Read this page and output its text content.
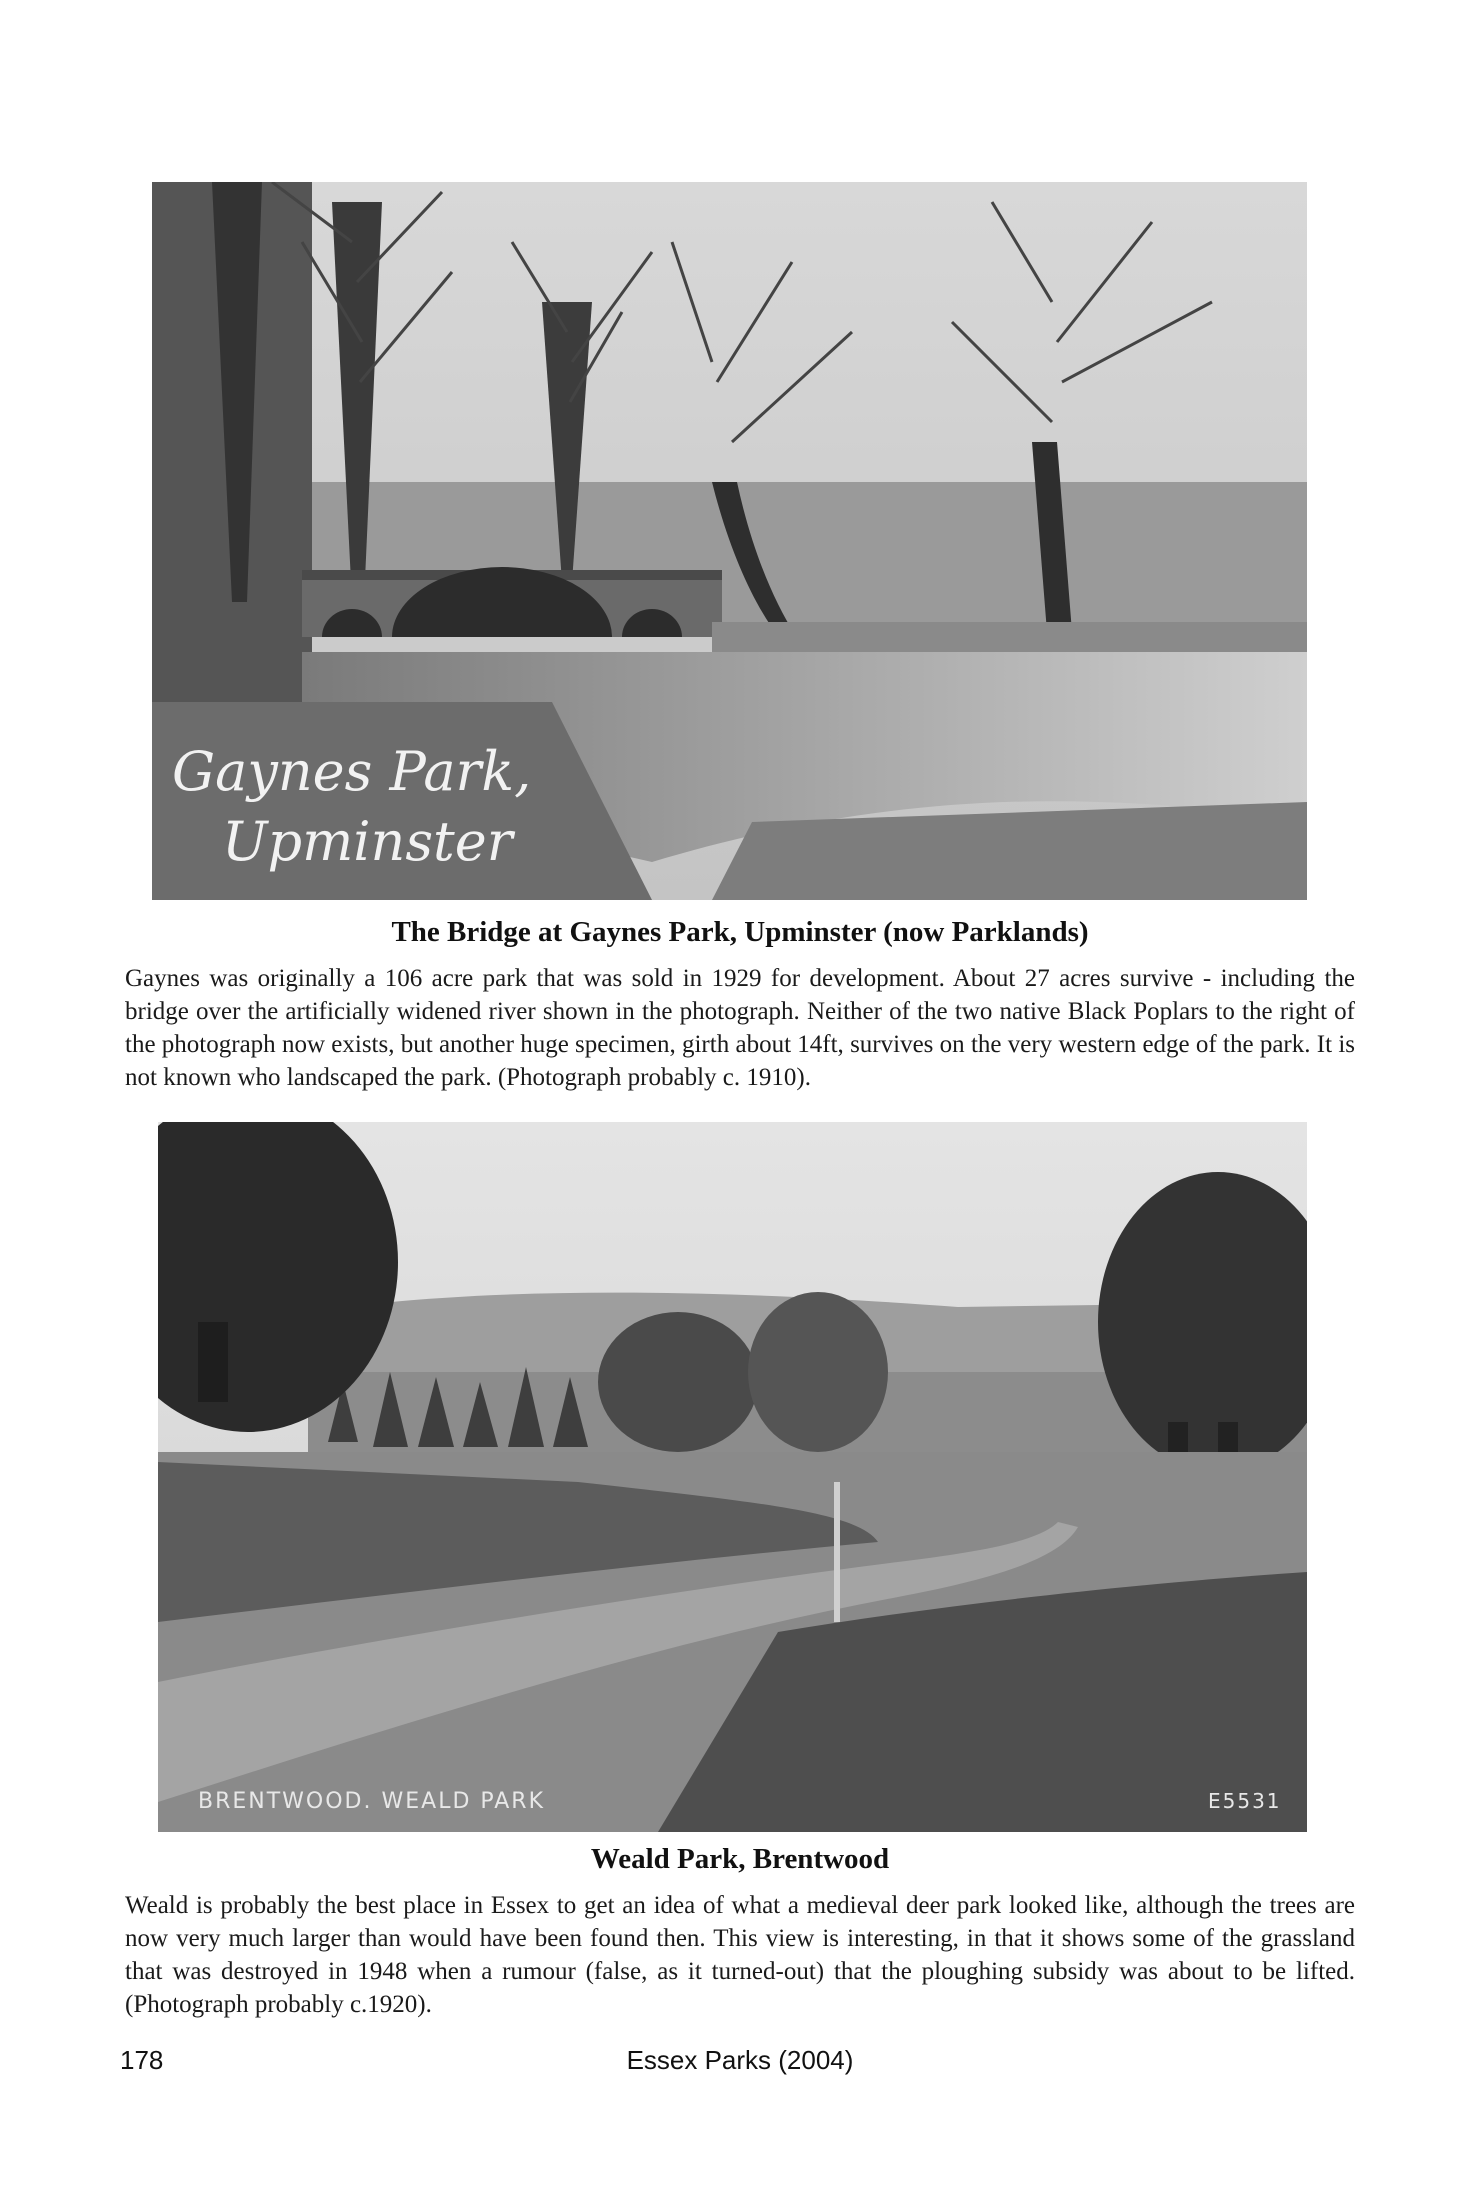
Gaynes Park,
Upminster
The Bridge at Gaynes Park, Upminster (now Parklands)

Gaynes was originally a 106 acre park that was sold in 1929 for development. About 27 acres survive - including the bridge over the artificially widened river shown in the photograph. Neither of the two native Black Poplars to the right of the photograph now exists, but another huge specimen, girth about 14ft, survives on the very western edge of the park. It is not known who landscaped the park. (Photograph probably c. 1910).

BRENTWOOD. WEALD PARK	E5531
Weald Park, Brentwood

Weald is probably the best place in Essex to get an idea of what a medieval deer park looked like, although the trees are now very much larger than would have been found then. This view is interesting, in that it shows some of the grassland that was destroyed in 1948 when a rumour (false, as it turned-out) that the ploughing subsidy was about to be lifted. (Photograph probably c.1920).

178	Essex Parks (2004)
